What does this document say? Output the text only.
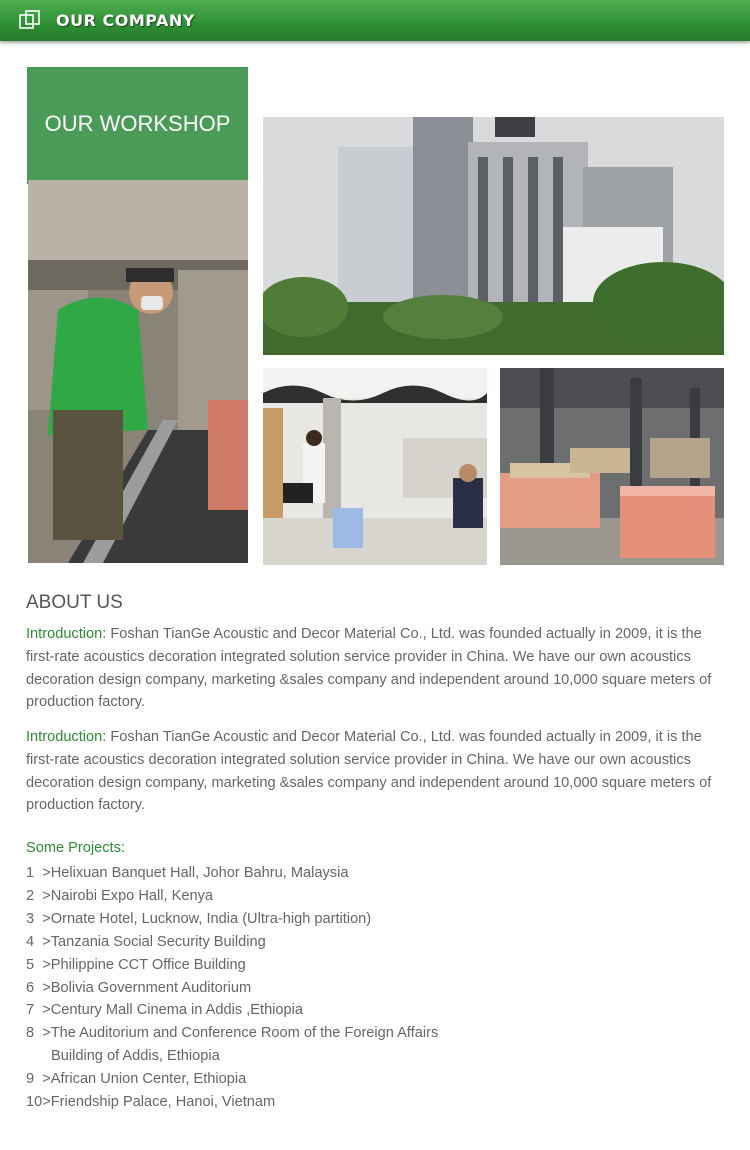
OUR COMPANY
OUR WORKSHOP
ABOUT US
Introduction: Foshan TianGe Acoustic and Decor Material Co., Ltd. was founded actually in 2009, it is the first-rate acoustics decoration integrated solution service provider in China. We have our own acoustics decoration design company, marketing &sales company and independent around 10,000 square meters of production factory.
Introduction: Foshan TianGe Acoustic and Decor Material Co., Ltd. was founded actually in 2009, it is the first-rate acoustics decoration integrated solution service provider in China. We have our own acoustics decoration design company, marketing &sales company and independent around 10,000 square meters of production factory.
Some Projects:
1  >Helixuan Banquet Hall, Johor Bahru, Malaysia
2  >Nairobi Expo Hall, Kenya
3  >Ornate Hotel, Lucknow, India (Ultra-high partition)
4  >Tanzania Social Security Building
5  >Philippine CCT Office Building
6  >Bolivia Government Auditorium
7  >Century Mall Cinema in Addis ,Ethiopia
8  >The Auditorium and Conference Room of the Foreign Affairs
Building of Addis, Ethiopia
9  >African Union Center, Ethiopia
10>Friendship Palace, Hanoi, Vietnam
